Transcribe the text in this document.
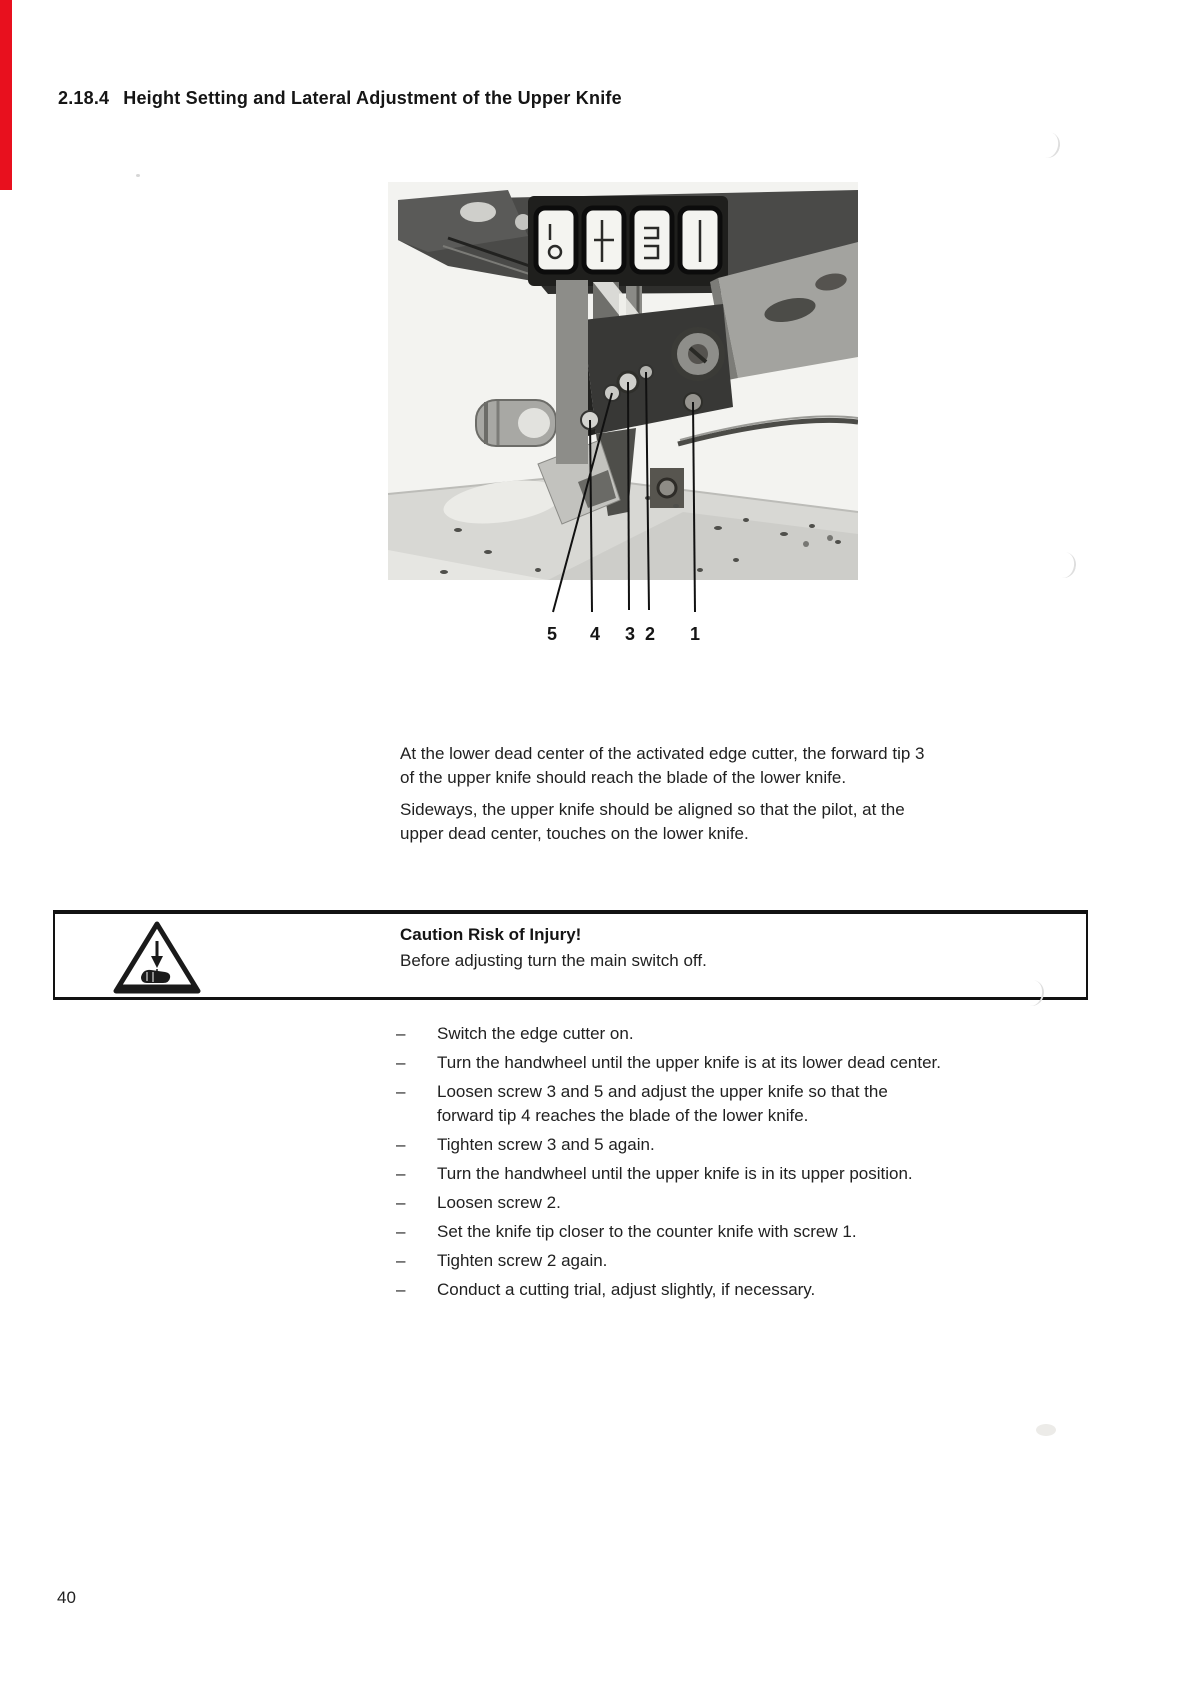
2.18.4 Height Setting and Lateral Adjustment of the Upper Knife
5 4 3 2 1
At the lower dead center of the activated edge cutter, the forward tip 3
of the upper knife should reach the blade of the lower knife.
Sideways, the upper knife should be aligned so that the pilot, at the
upper dead center, touches on the lower knife.
Caution Risk of Injury!
Before adjusting turn the main switch off.
–	Switch the edge cutter on.
–	Turn the handwheel until the upper knife is at its lower dead center.
–	Loosen screw 3 and 5 and adjust the upper knife so that the
forward tip 4 reaches the blade of the lower knife.
–	Tighten screw 3 and 5 again.
–	Turn the handwheel until the upper knife is in its upper position.
–	Loosen screw 2.
–	Set the knife tip closer to the counter knife with screw 1.
–	Tighten screw 2 again.
–	Conduct a cutting trial, adjust slightly, if necessary.
40
